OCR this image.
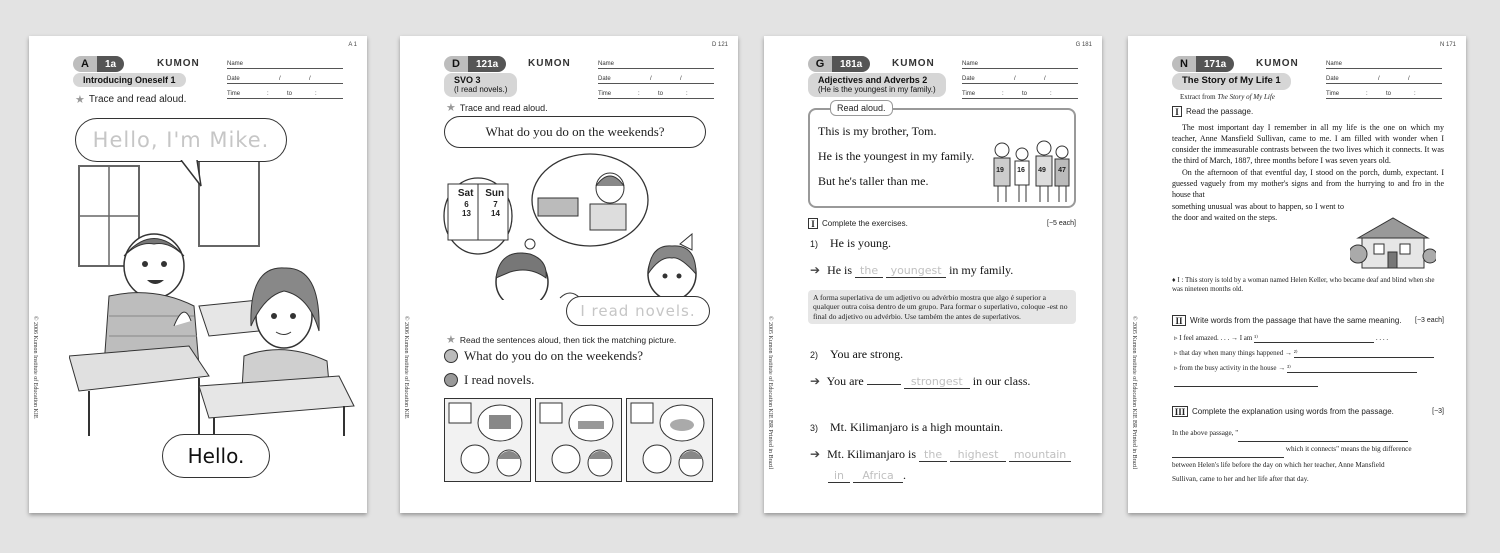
A 1
A	1a	KUMON	Name
Date	/	/
Time	:	to	:
Introducing Oneself 1
★ Trace and read aloud.
© 2006 Kumon Institute of Education KIE
Hello, I'm Mike.
Hello.
D 121
D	121a	KUMON	Name
Date	/	/
Time	:	to	:
SVO 3
(I read novels.)
★ Trace and read aloud.
© 2006 Kumon Institute of Education KIE
What do you do on the weekends?
Sat Sun
6	7
13	14
I read novels.
★ Read the sentences aloud, then tick the matching picture.
What do you do on the weekends?
I read novels.
G 181
G	181a	KUMON	Name
Date	/	/
Time	:	to	:
Adjectives and Adverbs 2
(He is the youngest in my family.)
© 2005 Kumon Institute of Education KIE BR Printed in Brazil
Read aloud.
This is my brother, Tom.
He is the youngest in my family.
But he's taller than me.
19	16	49	47
I Complete the exercises.	[−5 each]
1) He is young.
➔ He is the youngest in my family.
A forma superlativa de um adjetivo ou advérbio mostra que algo é superior a qualquer outra coisa dentro de um grupo. Para formar o superlativo, coloque -est no final do adjetivo ou advérbio. Use também the antes de superlativos.
2) You are strong.
➔ You are	strongest in our class.
3) Mt. Kilimanjaro is a high mountain.
➔ Mt. Kilimanjaro is the highest mountain
in Africa .
N 171
N	171a	KUMON	Name
Date	/	/
Time	:	to	:
The Story of My Life 1
Extract from The Story of My Life
© 2005 Kumon Institute of Education KIE BR Printed in Brazil
I Read the passage.

The most important day I remember in all my life is the one on which my teacher, Anne Mansfield Sullivan, came to me. I am filled with wonder when I consider the immeasurable contrasts between the two lives which it connects. It was the third of March, 1887, three months before I was seven years old.

On the afternoon of that eventful day, I stood on the porch, dumb, expectant. I guessed vaguely from my mother's signs and from the hurrying to and fro in the house that

something unusual was about to happen, so I went to the door and waited on the steps.
♦ I : This story is told by a woman named Helen Keller, who became deaf and blind when she was nineteen months old.
II Write words from the passage that have the same meaning. [−3 each]
▹ I feel amazed. . . . → I am ¹⁾	. . . .
▹ that day when many things happened → ²⁾
▹ from the busy activity in the house → ³⁾

III Complete the explanation using words from the passage.	[−3]
In the above passage, "
which it connects" means the big difference
between Helen's life before the day on which her teacher, Anne Mansfield
Sullivan, came to her and her life after that day.
